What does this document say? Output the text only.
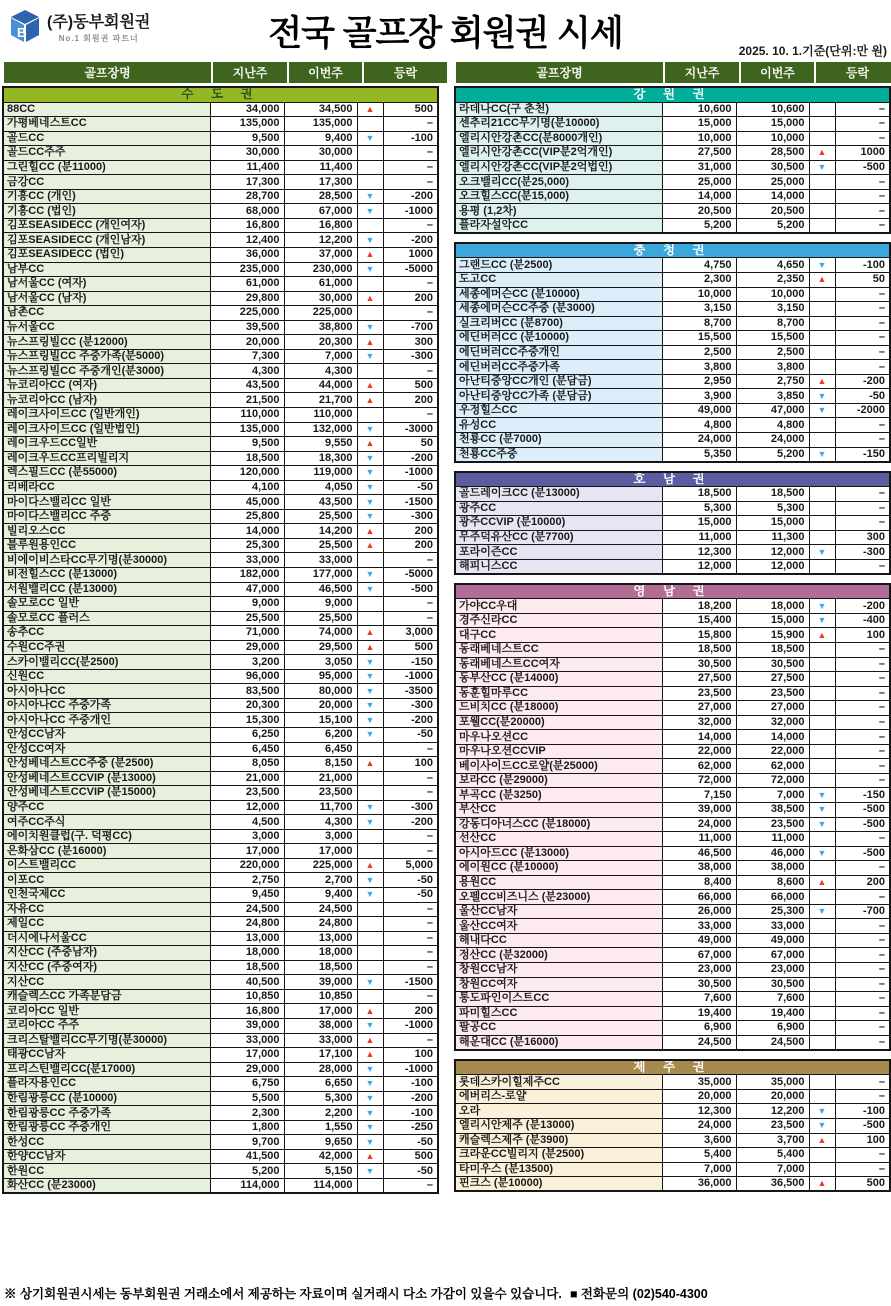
B
(주)동부회원권
No.1 회원권 파트너	전국 골프장 회원권 시세	2025. 10. 1.기준(단위:만 원)
골프장명	지난주	이번주	등락
수 도 권				
88CC	34,000	34,500	▲	500
가평베네스트CC	135,000	135,000		–
골드CC	9,500	9,400	▼	-100
골드CC주주	30,000	30,000		–
그린힐CC (분11000)	11,400	11,400		–
금강CC	17,300	17,300		–
기흥CC (개인)	28,700	28,500	▼	-200
기흥CC (법인)	68,000	67,000	▼	-1000
김포SEASIDECC (개인여자)	16,800	16,800		–
김포SEASIDECC (개인남자)	12,400	12,200	▼	-200
김포SEASIDECC (법인)	36,000	37,000	▲	1000
남부CC	235,000	230,000	▼	-5000
남서울CC (여자)	61,000	61,000		–
남서울CC (남자)	29,800	30,000	▲	200
남촌CC	225,000	225,000		–
뉴서울CC	39,500	38,800	▼	-700
뉴스프링빌CC (분12000)	20,000	20,300	▲	300
뉴스프링빌CC 주중가족(분5000)	7,300	7,000	▼	-300
뉴스프링빌CC 주중개인(분3000)	4,300	4,300		–
뉴코리아CC (여자)	43,500	44,000	▲	500
뉴코리아CC (남자)	21,500	21,700	▲	200
레이크사이드CC (일반개인)	110,000	110,000		–
레이크사이드CC (일반법인)	135,000	132,000	▼	-3000
레이크우드CC일반	9,500	9,550	▲	50
레이크우드CC프리빌리지	18,500	18,300	▼	-200
렉스필드CC (분55000)	120,000	119,000	▼	-1000
리베라CC	4,100	4,050	▼	-50
마이다스밸리CC 일반	45,000	43,500	▼	-1500
마이다스밸리CC 주중	25,800	25,500	▼	-300
빌리오스CC	14,000	14,200	▲	200
블루원용인CC	25,300	25,500	▲	200
비에이비스타CC무기명(분30000)	33,000	33,000		–
비전힐스CC (분13000)	182,000	177,000	▼	-5000
서원밸리CC (분13000)	47,000	46,500	▼	-500
솔모로CC 일반	9,000	9,000		–
솔모로CC 플러스	25,500	25,500		–
송추CC	71,000	74,000	▲	3,000
수원CC주권	29,000	29,500	▲	500
스카이밸리CC(분2500)	3,200	3,050	▼	-150
신원CC	96,000	95,000	▼	-1000
아시아나CC	83,500	80,000	▼	-3500
아시아나CC 주중가족	20,300	20,000	▼	-300
아시아나CC 주중개인	15,300	15,100	▼	-200
안성CC남자	6,250	6,200	▼	-50
안성CC여자	6,450	6,450		–
안성베네스트CC주중 (분2500)	8,050	8,150	▲	100
안성베네스트CCVIP (분13000)	21,000	21,000		–
안성베네스트CCVIP (분15000)	23,500	23,500		–
양주CC	12,000	11,700	▼	-300
여주CC주식	4,500	4,300	▼	-200
에이치원클럽(구. 덕평CC)	3,000	3,000		–
은화삼CC (분16000)	17,000	17,000		–
이스트밸리CC	220,000	225,000	▲	5,000
이포CC	2,750	2,700	▼	-50
인천국제CC	9,450	9,400	▼	-50
자유CC	24,500	24,500		–
제일CC	24,800	24,800		–
더시에나서울CC	13,000	13,000		–
지산CC (주중남자)	18,000	18,000		–
지산CC (주중여자)	18,500	18,500		–
지산CC	40,500	39,000	▼	-1500
캐슬렉스CC 가족분담금	10,850	10,850		–
코리아CC 일반	16,800	17,000	▲	200
코리아CC 주주	39,000	38,000	▼	-1000
크리스탈밸리CC무기명(분30000)	33,000	33,000	▲	–
태광CC남자	17,000	17,100	▲	100
프리스틴밸리CC(분17000)	29,000	28,000	▼	-1000
플라자용인CC	6,750	6,650	▼	-100
한림광릉CC (분10000)	5,500	5,300	▼	-200
한림광릉CC 주중가족	2,300	2,200	▼	-100
한림광릉CC 주중개인	1,800	1,550	▼	-250
한성CC	9,700	9,650	▼	-50
한양CC남자	41,500	42,000	▲	500
한원CC	5,200	5,150	▼	-50
화산CC (분23000)	114,000	114,000		–
골프장명	지난주	이번주	등락
강 원 권				
라데나CC(구 춘천)	10,600	10,600		–
센추리21CC무기명(분10000)	15,000	15,000		–
엘리시안강촌CC(분8000개인)	10,000	10,000		–
엘리시안강촌CC(VIP분2억개인)	27,500	28,500	▲	1000
엘리시안강촌CC(VIP분2억법인)	31,000	30,500	▼	-500
오크밸리CC(분25,000)	25,000	25,000		–
오크힐스CC(분15,000)	14,000	14,000		–
용평 (1,2차)	20,500	20,500		–
플라자설악CC	5,200	5,200		–
충 청 권				
그랜드CC (분2500)	4,750	4,650	▼	-100
도고CC	2,300	2,350	▲	50
세종에머슨CC (분10000)	10,000	10,000		–
세종에머슨CC주중 (분3000)	3,150	3,150		–
실크리버CC (분8700)	8,700	8,700		–
에딘버러CC (분10000)	15,500	15,500		–
에딘버러CC주중개인	2,500	2,500		–
에딘버러CC주중가족	3,800	3,800		–
아난티중앙CC개인 (분담금)	2,950	2,750	▲	-200
아난티중앙CC가족 (분담금)	3,900	3,850	▼	-50
우정힐스CC	49,000	47,000	▼	-2000
유성CC	4,800	4,800		–
천룡CC (분7000)	24,000	24,000		–
천룡CC주중	5,350	5,200	▼	-150
호 남 권				
골드레이크CC (분13000)	18,500	18,500		–
광주CC	5,300	5,300		–
광주CCVIP (분10000)	15,000	15,000		–
무주덕유산CC (분7700)	11,000	11,300		300
포라이즌CC	12,300	12,000	▼	-300
해피니스CC	12,000	12,000		–
영 남 권				
가야CC우대	18,200	18,000	▼	-200
경주신라CC	15,400	15,000	▼	-400
대구CC	15,800	15,900	▲	100
동래베네스트CC	18,500	18,500		–
동래베네스트CC여자	30,500	30,500		–
동부산CC (분14000)	27,500	27,500		–
동훈힐마루CC	23,500	23,500		–
드비치CC (분18000)	27,000	27,000		–
포웰CC(분20000)	32,000	32,000		–
마우나오션CC	14,000	14,000		–
마우나오션CCVIP	22,000	22,000		–
베이사이드CC로얄(분25000)	62,000	62,000		–
보라CC (분29000)	72,000	72,000		–
부곡CC (분3250)	7,150	7,000	▼	-150
부산CC	39,000	38,500	▼	-500
강동디아너스CC (분18000)	24,000	23,500	▼	-500
선산CC	11,000	11,000		–
아시아드CC (분13000)	46,500	46,000	▼	-500
에이원CC (분10000)	38,000	38,000		–
용원CC	8,400	8,600	▲	200
오펠CC비즈니스 (분23000)	66,000	66,000		–
울산CC남자	26,000	25,300	▼	-700
울산CC여자	33,000	33,000		–
해내다CC	49,000	49,000		–
정산CC (분32000)	67,000	67,000		–
창원CC남자	23,000	23,000		–
창원CC여자	30,500	30,500		–
통도파인이스트CC	7,600	7,600		–
파미힐스CC	19,400	19,400		–
팔공CC	6,900	6,900		–
해운대CC (분16000)	24,500	24,500		–
제 주 권				
롯데스카이힐제주CC	35,000	35,000		–
에버리스-로얄	20,000	20,000		–
오라	12,300	12,200	▼	-100
엘리시안제주 (분13000)	24,000	23,500	▼	-500
캐슬렉스제주 (분3900)	3,600	3,700	▲	100
크라운CC빌리지 (분2500)	5,400	5,400		–
타미우스 (분13500)	7,000	7,000		–
핀크스 (분10000)	36,000	36,500	▲	500
※ 상기회원권시세는 동부회원권 거래소에서 제공하는 자료이며 실거래시 다소 가감이 있을수 있습니다. ■ 전화문의 (02)540-4300
